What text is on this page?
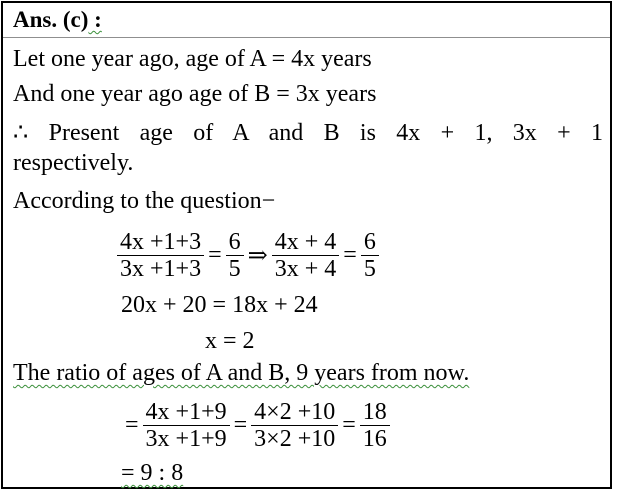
Ans. (c) :
Let one year ago, age of A = 4x years
And one year ago age of B = 3x years
∴ Present age of A and B is 4x + 1, 3x + 1
respectively.
According to the question−
$\frac{4x +1+3}{3x +1+3} = \frac{6}{5}$ ⇒ $\frac{4x + 4}{3x + 4} = \frac{6}{5}$
20x + 20 = 18x + 24
x = 2
The ratio of ages of A and B, 9 years from now.
= $\frac{4x +1+9}{3x +1+9} = \frac{4\times 2 +10}{3\times 2 +10} = \frac{18}{16}$
= 9 : 8
